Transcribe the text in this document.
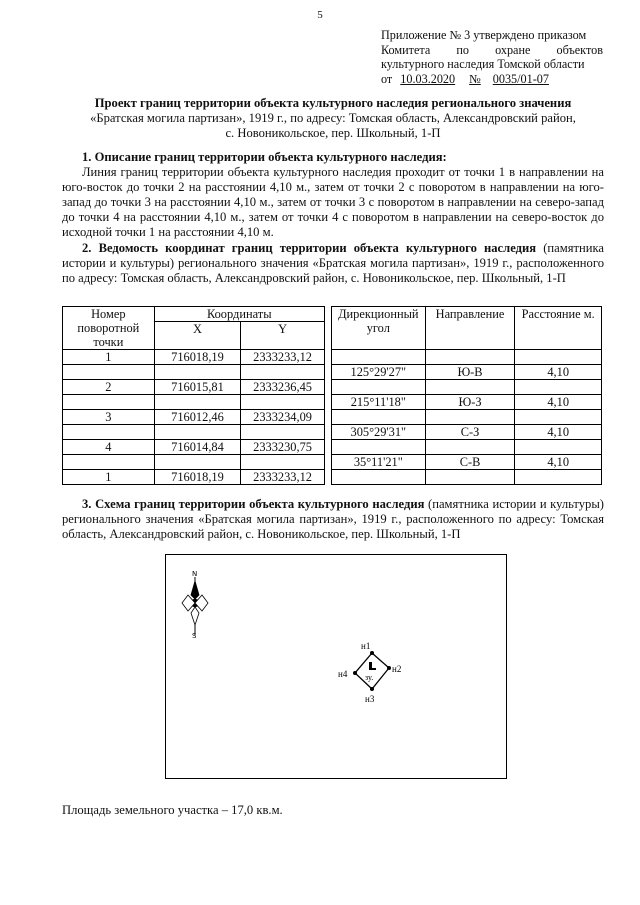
5
Приложение № 3 утверждено приказом
Комитета по охране объектов
культурного наследия Томской области
от 10.03.2020	№ 0035/01-07
Проект границ территории объекта культурного наследия регионального значения
«Братская могила партизан», 1919 г., по адресу: Томская область, Александровский район,
с. Новоникольское, пер. Школьный, 1-П
1. Описание границ территории объекта культурного наследия:
Линия границ территории объекта культурного наследия проходит от точки 1 в направлении на юго-восток до точки 2 на расстоянии 4,10 м., затем от точки 2 с поворотом в направлении на юго-запад до точки 3 на расстоянии 4,10 м., затем от точки 3 с поворотом в направлении на северо-запад до точки 4 на расстоянии 4,10 м., затем от точки 4 с поворотом в направлении на северо-восток до исходной точки 1 на расстоянии 4,10 м.
2. Ведомость координат границ территории объекта культурного наследия (памятника истории и культуры) регионального значения «Братская могила партизан», 1919 г., расположенного по адресу: Томская область, Александровский район, с. Новоникольское, пер. Школьный, 1-П
Номер поворотной точки	Координаты			Дирекционный угол	Направление	Расстояние м.
	X	Y				
1	716018,19	2333233,12				
				125°29'27"	Ю-В	4,10
2	716015,81	2333236,45				
				215°11'18"	Ю-З	4,10
3	716012,46	2333234,09				
				305°29'31"	С-З	4,10
4	716014,84	2333230,75				
				35°11'21"	С-В	4,10
1	716018,19	2333233,12				
3. Схема границ территории объекта культурного наследия (памятника истории и культуры) регионального значения «Братская могила партизан», 1919 г., расположенного по адресу: Томская область, Александровский район, с. Новоникольское, пер. Школьный, 1-П
N
S
н1
н2
н3
н4 зу.
Площадь земельного участка – 17,0 кв.м.
